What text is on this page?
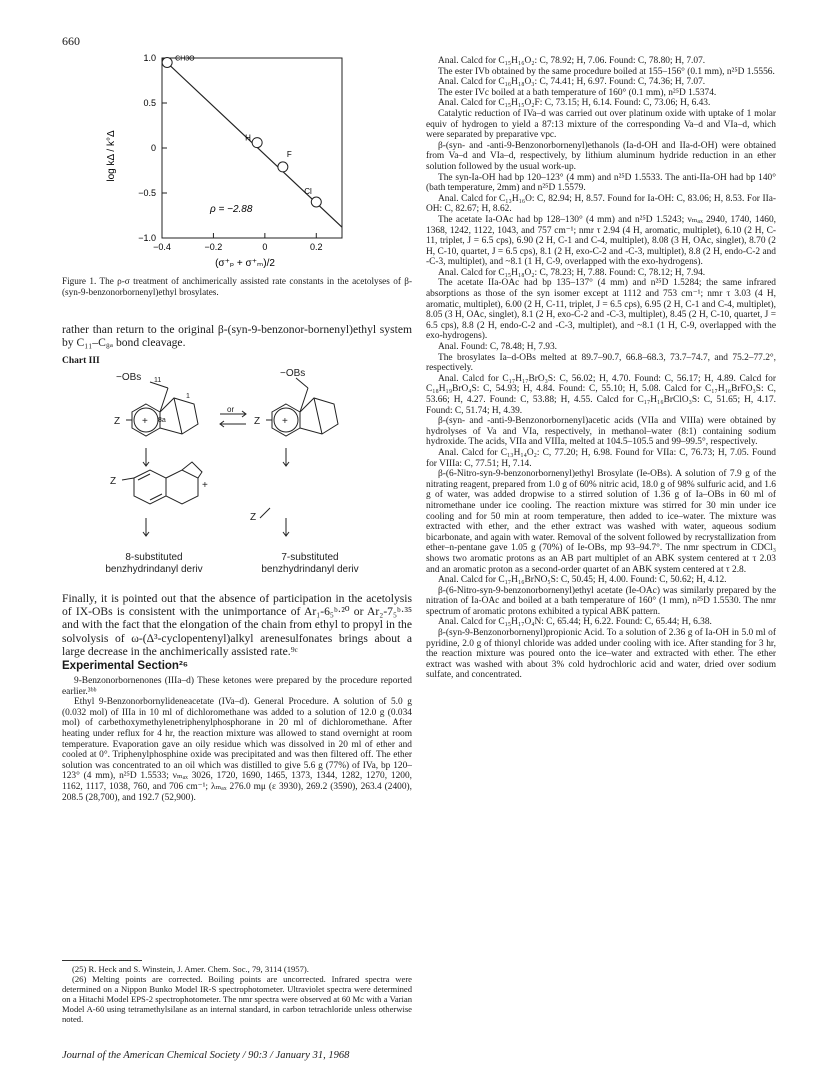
660
1.0
0.5
0
−0.5
−1.0
−0.4	−0.2	0	0.2
CH3O
H
F
Cl
log kΔ / k°Δ
(σ⁺ₚ + σ⁺ₘ)/2
ρ = −2.88
Figure 1. The ρ-σ treatment of anchimerically assisted rate constants in the acetolyses of β-(syn-9-benzonorbornenyl)ethyl brosylates.
rather than return to the original β-(syn-9-benzonor-bornenyl)ethyl system by C₁₁–C₈ₐ bond cleavage.
Chart III
−OBs	−OBs
Z	Z
Z
Z
+	+
+
11
8a
1
or
8-substituted
benzhydrindanyl deriv
7-substituted
benzhydrindanyl deriv
Finally, it is pointed out that the absence of participation in the acetolysis of IX-OBs is consistent with the unimportance of Ar₁-6₅ᵇ·²⁰ or Ar₂-7₅ᵇ·³⁵ and with the fact that the elongation of the chain from ethyl to propyl in the solvolysis of ω-(Δ³-cyclopentenyl)alkyl arenesulfonates brings about a large decrease in the anchimerically assisted rate.⁹ᶜ
Experimental Section²⁶

9-Benzonorbornenones (IIIa–d) These ketones were prepared by the procedure reported earlier.³ᵇᵇ

Ethyl 9-Benzonorbornylideneacetate (IVa–d). General Procedure. A solution of 5.0 g (0.032 mol) of IIIa in 10 ml of dichloromethane was added to a solution of 12.0 g (0.034 mol) of carbethoxymethylenetriphenylphosphorane in 20 ml of dichloromethane. After heating under reflux for 4 hr, the reaction mixture was allowed to stand overnight at room temperature. Evaporation gave an oily residue which was dissolved in 20 ml of ether and cooled at 0°. Triphenylphosphine oxide was precipitated and was then filtered off. The ether solution was concentrated to an oil which was distilled to give 5.6 g (77%) of IVa, bp 120–123° (4 mm), n²⁵D 1.5533; νₘₐₓ 3026, 1720, 1690, 1465, 1373, 1344, 1282, 1270, 1200, 1162, 1117, 1038, 760, and 706 cm⁻¹; λₘₐₓ 276.0 mμ (ε 3930), 269.2 (3590), 263.4 (2400), 208.5 (28,700), and 192.7 (52,900).

(25) R. Heck and S. Winstein, J. Amer. Chem. Soc., 79, 3114 (1957).
(26) Melting points are corrected. Boiling points are uncorrected. Infrared spectra were determined on a Nippon Bunko Model IR-S spectrophotometer. Ultraviolet spectra were determined on a Hitachi Model EPS-2 spectrophotometer. The nmr spectra were observed at 60 Mc with a Varian Model A-60 using tetramethylsilane as an internal standard, in carbon tetrachloride unless otherwise noted.

Anal. Calcd for C₁₅H₁₆O₂: C, 78.92; H, 7.06. Found: C, 78.80; H, 7.07.

The ester IVb obtained by the same procedure boiled at 155–156° (0.1 mm), n²⁵D 1.5556.

Anal. Calcd for C₁₆H₁₈O₃: C, 74.41; H, 6.97. Found: C, 74.36; H, 7.07.

The ester IVc boiled at a bath temperature of 160° (0.1 mm), n²⁵D 1.5374.

Anal. Calcd for C₁₅H₁₅O₂F: C, 73.15; H, 6.14. Found: C, 73.06; H, 6.43.

Catalytic reduction of IVa–d was carried out over platinum oxide with uptake of 1 molar equiv of hydrogen to yield a 87:13 mixture of the corresponding Va–d and VIa–d, which were separated by preparative vpc.

β-(syn- and -anti-9-Benzonorbornenyl)ethanols (Ia-d-OH and IIa-d-OH) were obtained from Va–d and VIa–d, respectively, by lithium aluminum hydride reduction in an ether solution followed by the usual work-up.

The syn-Ia-OH had bp 120–123° (4 mm) and n²⁵D 1.5533. The anti-IIa-OH had bp 140° (bath temperature, 2mm) and n²⁵D 1.5579.

Anal. Calcd for C₁₃H₁₆O: C, 82.94; H, 8.57. Found for Ia-OH: C, 83.06; H, 8.53. For IIa-OH: C, 82.67; H, 8.62.

The acetate Ia-OAc had bp 128–130° (4 mm) and n²⁵D 1.5243; νₘₐₓ 2940, 1740, 1460, 1368, 1242, 1122, 1043, and 757 cm⁻¹; nmr τ 2.94 (4 H, aromatic, multiplet), 6.10 (2 H, C-11, triplet, J = 6.5 cps), 6.90 (2 H, C-1 and C-4, multiplet), 8.08 (3 H, OAc, singlet), 8.70 (2 H, C-10, quartet, J = 6.5 cps), 8.1 (2 H, exo-C-2 and -C-3, multiplet), 8.8 (2 H, endo-C-2 and -C-3, multiplet), and ~8.1 (1 H, C-9, overlapped with the exo-hydrogens).

Anal. Calcd for C₁₅H₁₈O₂: C, 78.23; H, 7.88. Found: C, 78.12; H, 7.94.

The acetate IIa-OAc had bp 135–137° (4 mm) and n²⁵D 1.5284; the same infrared absorptions as those of the syn isomer except at 1112 and 753 cm⁻¹; nmr τ 3.03 (4 H, aromatic, multiplet), 6.00 (2 H, C-11, triplet, J = 6.5 cps), 6.95 (2 H, C-1 and C-4, multiplet), 8.05 (3 H, OAc, singlet), 8.1 (2 H, exo-C-2 and -C-3, multiplet), 8.45 (2 H, C-10, quartet, J = 6.5 cps), 8.8 (2 H, endo-C-2 and -C-3, multiplet), and ~8.1 (1 H, C-9, overlapped with the exo-hydrogens).

Anal. Found: C, 78.48; H, 7.93.

The brosylates Ia–d-OBs melted at 89.7–90.7, 66.8–68.3, 73.7–74.7, and 75.2–77.2°, respectively.

Anal. Calcd for C₁₇H₁₇BrO₃S: C, 56.02; H, 4.70. Found: C, 56.17; H, 4.89. Calcd for C₁₈H₁₉BrO₄S: C, 54.93; H, 4.84. Found: C, 55.10; H, 5.08. Calcd for C₁₇H₁₆BrFO₃S: C, 53.66; H, 4.27. Found: C, 53.88; H, 4.55. Calcd for C₁₇H₁₆BrClO₃S: C, 51.65; H, 4.17. Found: C, 51.74; H, 4.39.

β-(syn- and -anti-9-Benzonorbornenyl)acetic acids (VIIa and VIIIa) were obtained by hydrolyses of Va and VIa, respectively, in methanol–water (8:1) containing sodium hydroxide. The acids, VIIa and VIIIa, melted at 104.5–105.5 and 99–99.5°, respectively.

Anal. Calcd for C₁₃H₁₄O₂: C, 77.20; H, 6.98. Found for VIIa: C, 76.73; H, 7.05. Found for VIIIa: C, 77.51; H, 7.14.

β-(6-Nitro-syn-9-benzonorbornenyl)ethyl Brosylate (Ie-OBs). A solution of 7.9 g of the nitrating reagent, prepared from 1.0 g of 60% nitric acid, 18.0 g of 98% sulfuric acid, and 1.6 g of water, was added dropwise to a stirred solution of 1.36 g of Ia–OBs in 60 ml of nitromethane under ice cooling. The reaction mixture was stirred for 30 min under ice cooling and for 50 min at room temperature, then added to ice–water. The mixture was extracted with ether, and the ether extract was washed with water, aqueous sodium bicarbonate, and again with water. Removal of the solvent followed by recrystallization from ether–n-pentane gave 1.05 g (70%) of Ie-OBs, mp 93–94.7°. The nmr spectrum in CDCl₃ shows two aromatic protons as an AB part multiplet of an ABK system centered at τ 2.03 and an aromatic proton as a second-order quartet of an ABK system centered at τ 2.8.

Anal. Calcd for C₁₇H₁₆BrNO₅S: C, 50.45; H, 4.00. Found: C, 50.62; H, 4.12.

β-(6-Nitro-syn-9-benzonorbornenyl)ethyl acetate (Ie-OAc) was similarly prepared by the nitration of Ia-OAc and boiled at a bath temperature of 160° (1 mm), n²⁵D 1.5530. The nmr spectrum of aromatic protons exhibited a typical ABK pattern.

Anal. Calcd for C₁₅H₁₇O₄N: C, 65.44; H, 6.22. Found: C, 65.44; H, 6.38.

β-(syn-9-Benzonorbornenyl)propionic Acid. To a solution of 2.36 g of Ia-OH in 5.0 ml of pyridine, 2.0 g of thionyl chloride was added under cooling with ice. After standing for 3 hr, the reaction mixture was poured onto the ice–water and extracted with ether. The ether extract was washed with about 3% cold hydrochloric acid and water, dried over sodium sulfate, and concentrated.

Journal of the American Chemical Society / 90:3 / January 31, 1968
